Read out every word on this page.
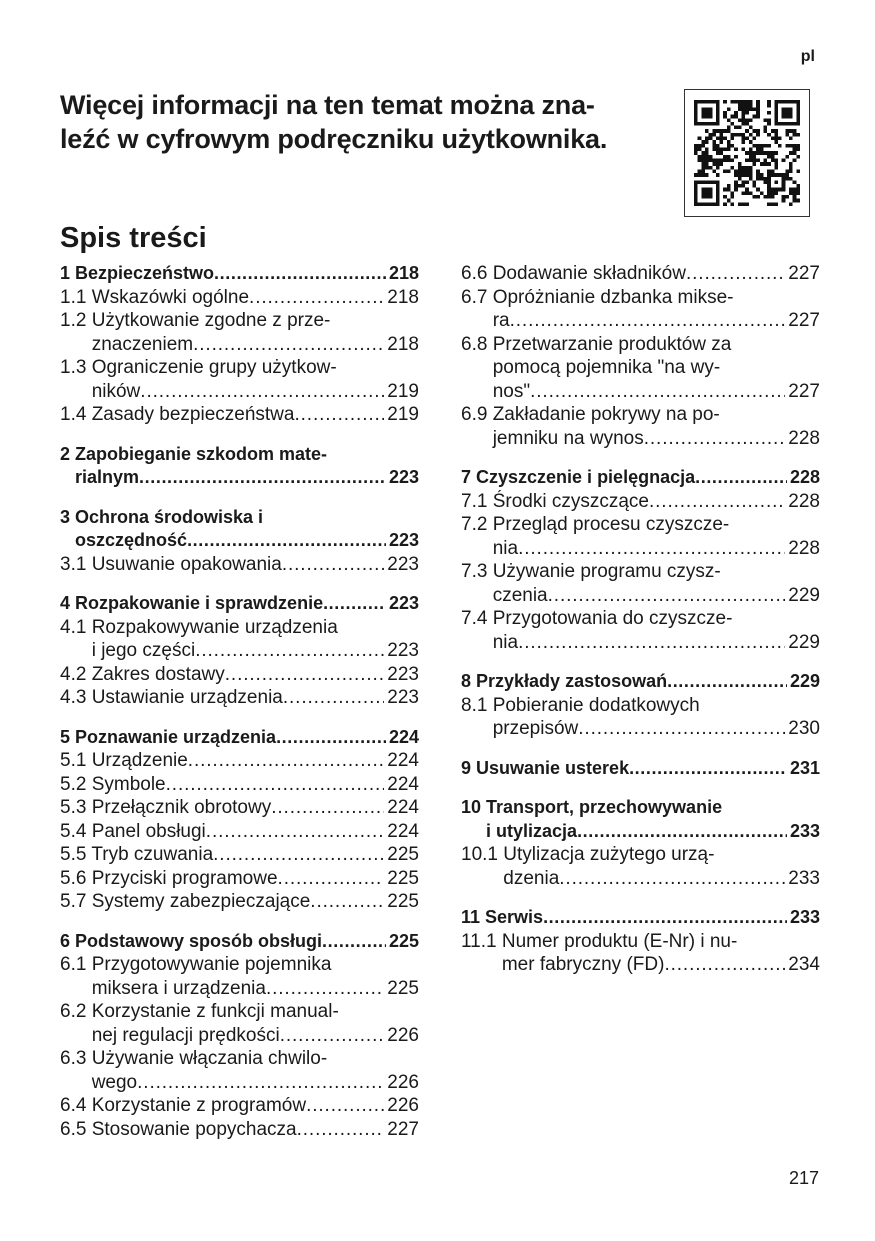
pl
Więcej informacji na ten temat można zna-
leźć w cyfrowym podręczniku użytkownika.
Spis treści
1 Bezpieczeństwo . . .	218
1.1 Wskazówki ogólne . . .	218
1.2 Użytkowanie zgodne z prze-
znaczeniem . . .	218
1.3 Ograniczenie grupy użytkow-
ników . . .	219
1.4 Zasady bezpieczeństwa . . .	219
2 Zapobieganie szkodom mate-
rialnym . . .	223
3 Ochrona środowiska i
oszczędność . . .	223
3.1 Usuwanie opakowania . . .	223
4 Rozpakowanie i sprawdzenie . . .	223
4.1 Rozpakowywanie urządzenia
i jego części . . .	223
4.2 Zakres dostawy . . .	223
4.3 Ustawianie urządzenia . . .	223
5 Poznawanie urządzenia . . .	224
5.1 Urządzenie . . .	224
5.2 Symbole . . .	224
5.3 Przełącznik obrotowy . . .	224
5.4 Panel obsługi . . .	224
5.5 Tryb czuwania . . .	225
5.6 Przyciski programowe . . .	225
5.7 Systemy zabezpieczające . . .	225
6 Podstawowy sposób obsługi . . .	225
6.1 Przygotowywanie pojemnika
miksera i urządzenia . . .	225
6.2 Korzystanie z funkcji manual-
nej regulacji prędkości . . .	226
6.3 Używanie włączania chwilo-
wego . . .	226
6.4 Korzystanie z programów . . .	226
6.5 Stosowanie popychacza . . .	227
6.6 Dodawanie składników . . .	227
6.7 Opróżnianie dzbanka mikse-
ra . . .	227
6.8 Przetwarzanie produktów za
pomocą pojemnika "na wy-
nos" . . .	227
6.9 Zakładanie pokrywy na po-
jemniku na wynos . . .	228
7 Czyszczenie i pielęgnacja . . .	228
7.1 Środki czyszczące . . .	228
7.2 Przegląd procesu czyszcze-
nia . . .	228
7.3 Używanie programu czysz-
czenia . . .	229
7.4 Przygotowania do czyszcze-
nia . . .	229
8 Przykłady zastosowań . . .	229
8.1 Pobieranie dodatkowych
przepisów . . .	230
9 Usuwanie usterek . . .	231
10 Transport, przechowywanie
i utylizacja . . .	233
10.1 Utylizacja zużytego urzą-
dzenia . . .	233
11 Serwis . . .	233
11.1 Numer produktu (E-Nr) i nu-
mer fabryczny (FD) . . .	234
217
